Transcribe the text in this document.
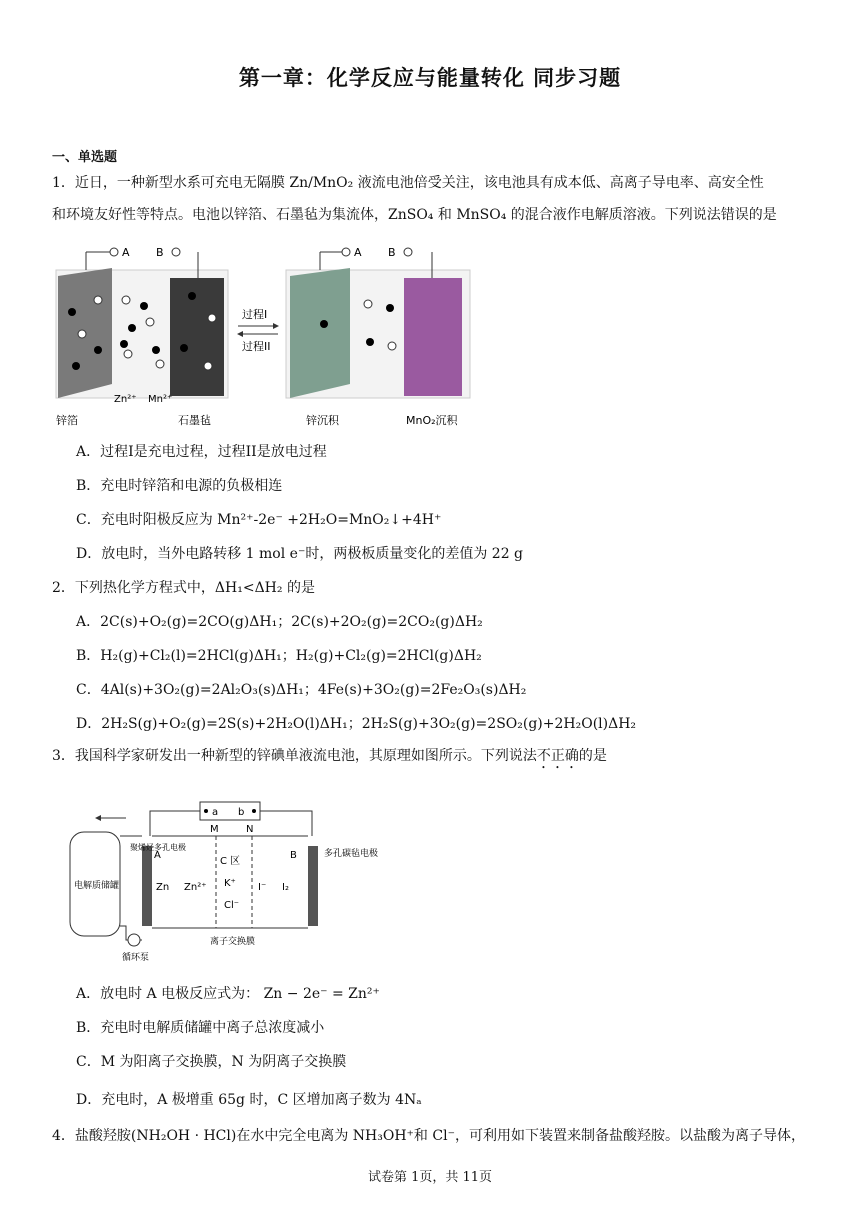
第一章：化学反应与能量转化 同步习题
一、单选题
1．近日，一种新型水系可充电无隔膜 Zn/MnO₂ 液流电池倍受关注，该电池具有成本低、高离子导电率、高安全性
和环境友好性等特点。电池以锌箔、石墨毡为集流体，ZnSO₄ 和 MnSO₄ 的混合液作电解质溶液。下列说法错误的是
A B
Zn²⁺ Mn²⁺
锌箔	石墨毡
过程I
过程II
A B
锌沉积	MnO₂沉积
A．过程I是充电过程，过程II是放电过程
B．充电时锌箔和电源的负极相连
C．充电时阳极反应为 Mn²⁺-2e⁻ +2H₂O=MnO₂↓+4H⁺
D．放电时，当外电路转移 1 mol e⁻时，两极板质量变化的差值为 22 g
2．下列热化学方程式中，ΔH₁<ΔH₂ 的是
A．2C(s)+O₂(g)=2CO(g)ΔH₁；2C(s)+2O₂(g)=2CO₂(g)ΔH₂
B．H₂(g)+Cl₂(l)=2HCl(g)ΔH₁；H₂(g)+Cl₂(g)=2HCl(g)ΔH₂
C．4Al(s)+3O₂(g)=2Al₂O₃(s)ΔH₁；4Fe(s)+3O₂(g)=2Fe₂O₃(s)ΔH₂
D．2H₂S(g)+O₂(g)=2S(s)+2H₂O(l)ΔH₁；2H₂S(g)+3O₂(g)=2SO₂(g)+2H₂O(l)ΔH₂
3．我国科学家研发出一种新型的锌碘单液流电池，其原理如图所示。下列说法不正确的是
a b
A	B
M	N
C 区
K⁺
Cl⁻
Zn Zn²⁺	I⁻ I₂
离子交换膜
电解质储罐
循环泵
多孔碳毡电极
聚烯烃多孔电极
A．放电时 A 电极反应式为： Zn − 2e⁻ = Zn²⁺
B．充电时电解质储罐中离子总浓度减小
C．M 为阳离子交换膜，N 为阴离子交换膜
D．充电时，A 极增重 65g 时，C 区增加离子数为 4Nₐ
4．盐酸羟胺(NH₂OH · HCl)在水中完全电离为 NH₃OH⁺和 Cl⁻，可利用如下装置来制备盐酸羟胺。以盐酸为离子导体，
试卷第 1页，共 11页
